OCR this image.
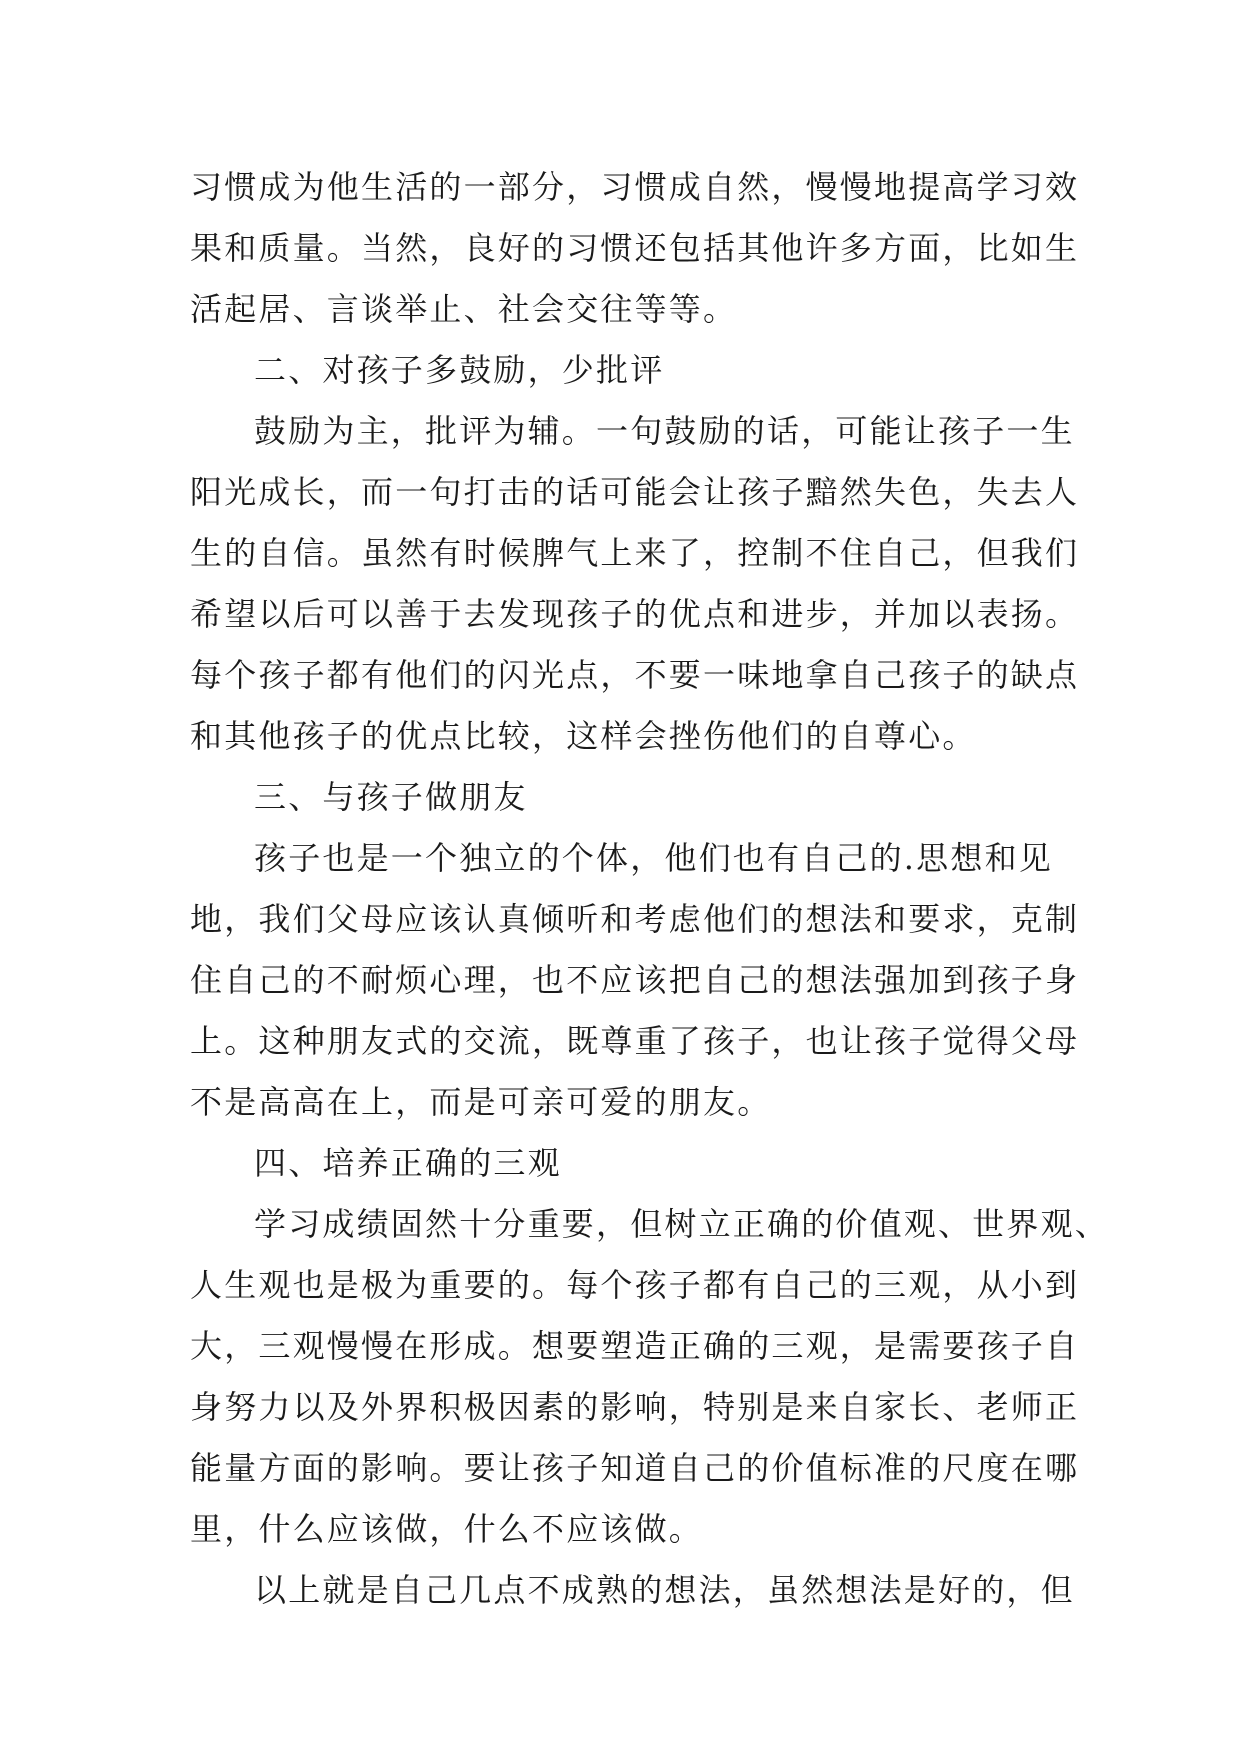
习惯成为他生活的一部分，习惯成自然，慢慢地提高学习效
果和质量。当然，良好的习惯还包括其他许多方面，比如生
活起居、言谈举止、社会交往等等。
二、对孩子多鼓励，少批评
鼓励为主，批评为辅。一句鼓励的话，可能让孩子一生
阳光成长，而一句打击的话可能会让孩子黯然失色，失去人
生的自信。虽然有时候脾气上来了，控制不住自己，但我们
希望以后可以善于去发现孩子的优点和进步，并加以表扬。
每个孩子都有他们的闪光点，不要一味地拿自己孩子的缺点
和其他孩子的优点比较，这样会挫伤他们的自尊心。
三、与孩子做朋友
孩子也是一个独立的个体，他们也有自己的.思想和见
地，我们父母应该认真倾听和考虑他们的想法和要求，克制
住自己的不耐烦心理，也不应该把自己的想法强加到孩子身
上。这种朋友式的交流，既尊重了孩子，也让孩子觉得父母
不是高高在上，而是可亲可爱的朋友。
四、培养正确的三观
学习成绩固然十分重要，但树立正确的价值观、世界观、
人生观也是极为重要的。每个孩子都有自己的三观，从小到
大，三观慢慢在形成。想要塑造正确的三观，是需要孩子自
身努力以及外界积极因素的影响，特别是来自家长、老师正
能量方面的影响。要让孩子知道自己的价值标准的尺度在哪
里，什么应该做，什么不应该做。
以上就是自己几点不成熟的想法，虽然想法是好的，但
